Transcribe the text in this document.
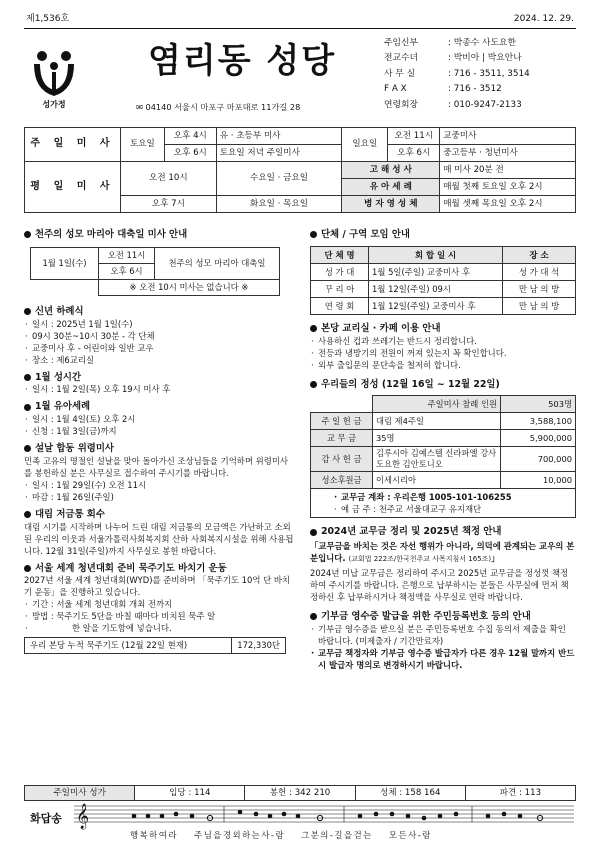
제1,536호	2024. 12. 29.
성가정
염리동 성당
✉ 04140 서울시 마포구 마포대로 11가길 28
주임신부	: 박종수 사도요한
전교수녀	: 박비아 | 박요안나
사 무 실	: 716 - 3511, 3514
F A X	: 716 - 3512
연령회장	: 010-9247-2133
주 일 미 사	토요일	오후 4시	유 · 초등부 미사	일요일	오전 11시	교중미사
		오후 6시	토요일 저녁 주일미사		오후 6시	중고등부 · 청년미사
평 일 미 사	오전 10시		수요일 · 금요일	고 해 성 사		매 미사 20분 전
				유 아 세 례		매월 첫째 토요일 오후 2시
	오후 7시		화요일 · 목요일	병 자 영 성 체		매월 셋째 목요일 오후 2시
천주의 성모 마리아 대축일 미사 안내
1월 1일(수)	오전 11시	천주의 성모 마리아 대축일
	오후 6시	
	※ 오전 10시 미사는 없습니다 ※	
신년 하례식
· 일시 : 2025년 1월 1일(수)
· 09시 30분~10시 30분 - 각 단체
· 교중미사 후 - 어린이와 일반 교우
· 장소 : 제6교리실
1월 성시간
· 일시 : 1월 2일(목) 오후 19시 미사 후
1월 유아세례
· 일시 : 1월 4일(토) 오후 2시
· 신청 : 1월 3일(금)까지
설날 합동 위령미사
민족 고유의 명절인 설날을 맞아 돌아가신 조상님들을 기억하며 위령미사를 봉헌하실 분은 사무실로 접수하여 주시기를 바랍니다.
· 일시 : 1월 29일(수) 오전 11시
· 마감 : 1월 26일(주일)
대림 저금통 회수
대림 시기를 시작하며 나누어 드린 대림 저금통의 모금액은 가난하고 소외된 우리의 이웃과 서울가톨릭사회복지회 산하 사회복지시설을 위해 사용됩니다. 12월 31일(주일)까지 사무실로 봉헌 바랍니다.
서울 세계 청년대회 준비 묵주기도 바치기 운동
2027년 서울 세계 청년대회(WYD)를 준비하며 「묵주기도 10억 단 바치기 운동」을 진행하고 있습니다.
· 기간 : 서울 세계 청년대회 개최 전까지
· 방법 : 묵주기도 5단을 바칠 때마다 비치된 묵주 알
· 한 알을 기도함에 넣습니다.
우리 본당 누적 묵주기도 (12월 22일 현재)	172,330단
단체 / 구역 모임 안내
단 체 명	회 합 일 시	장 소
성 가 대	1월 5일(주일) 교중미사 후	성 가 대 석
꾸 리 아	1월 12일(주일) 09시	만 남 의 방
연 령 회	1월 12일(주일) 교중미사 후	만 남 의 방
본당 교리실 · 카페 이용 안내
· 사용하신 컵과 쓰레기는 반드시 정리합니다.
· 전등과 냉방기의 전원이 꺼져 있는지 꼭 확인합니다.
· 외부 출입문의 문단속을 철저히 합니다.
우리들의 정성 (12월 16일 ~ 12월 22일)
	주일미사 참례 인원	503명
주 일 헌 금	대림 제4주일	3,588,100
교 무 금	35명	5,900,000
감 사 헌 금	김루시아 김예스텔 신라파엘 강사도요한 김안토니오	700,000
성소후원금	이세시리아	10,000
· 교무금 계좌 : 우리은행 1005-101-106255
· 예 금 주 : 천주교 서울대교구 유지재단
2024년 교무금 정리 및 2025년 책정 안내
「교무금을 바치는 것은 자선 행위가 아니라, 의덕에 관계되는 교우의 본분입니다. (교회법 222조/한국천주교 사목지침서 165조)」
2024년 미납 교무금은 정리하여 주시고 2025년 교무금을 정성껏 책정하여 주시기를 바랍니다. 은행으로 납부하시는 분들은 사무실에 먼저 책정하신 후 납부하시거나 책정액을 사무실로 연락 바랍니다.
기부금 영수증 발급을 위한 주민등록번호 등의 안내
· 기부금 영수증을 받으실 분은 주민등록번호 수집 동의서 제출을 확인 바랍니다. (미제출자 / 기간만료자)
· 교무금 책정자와 기부금 영수증 발급자가 다른 경우 12월 말까지 반드시 발급자 명의로 변경하시기 바랍니다.
주일미사 성가	입당 : 114	봉헌 : 342 210	성체 : 158 164	파견 : 113
화답송 𝄞
행복하여라 주님을경외하는사-람 그분의-길을걷는 모든사-람
